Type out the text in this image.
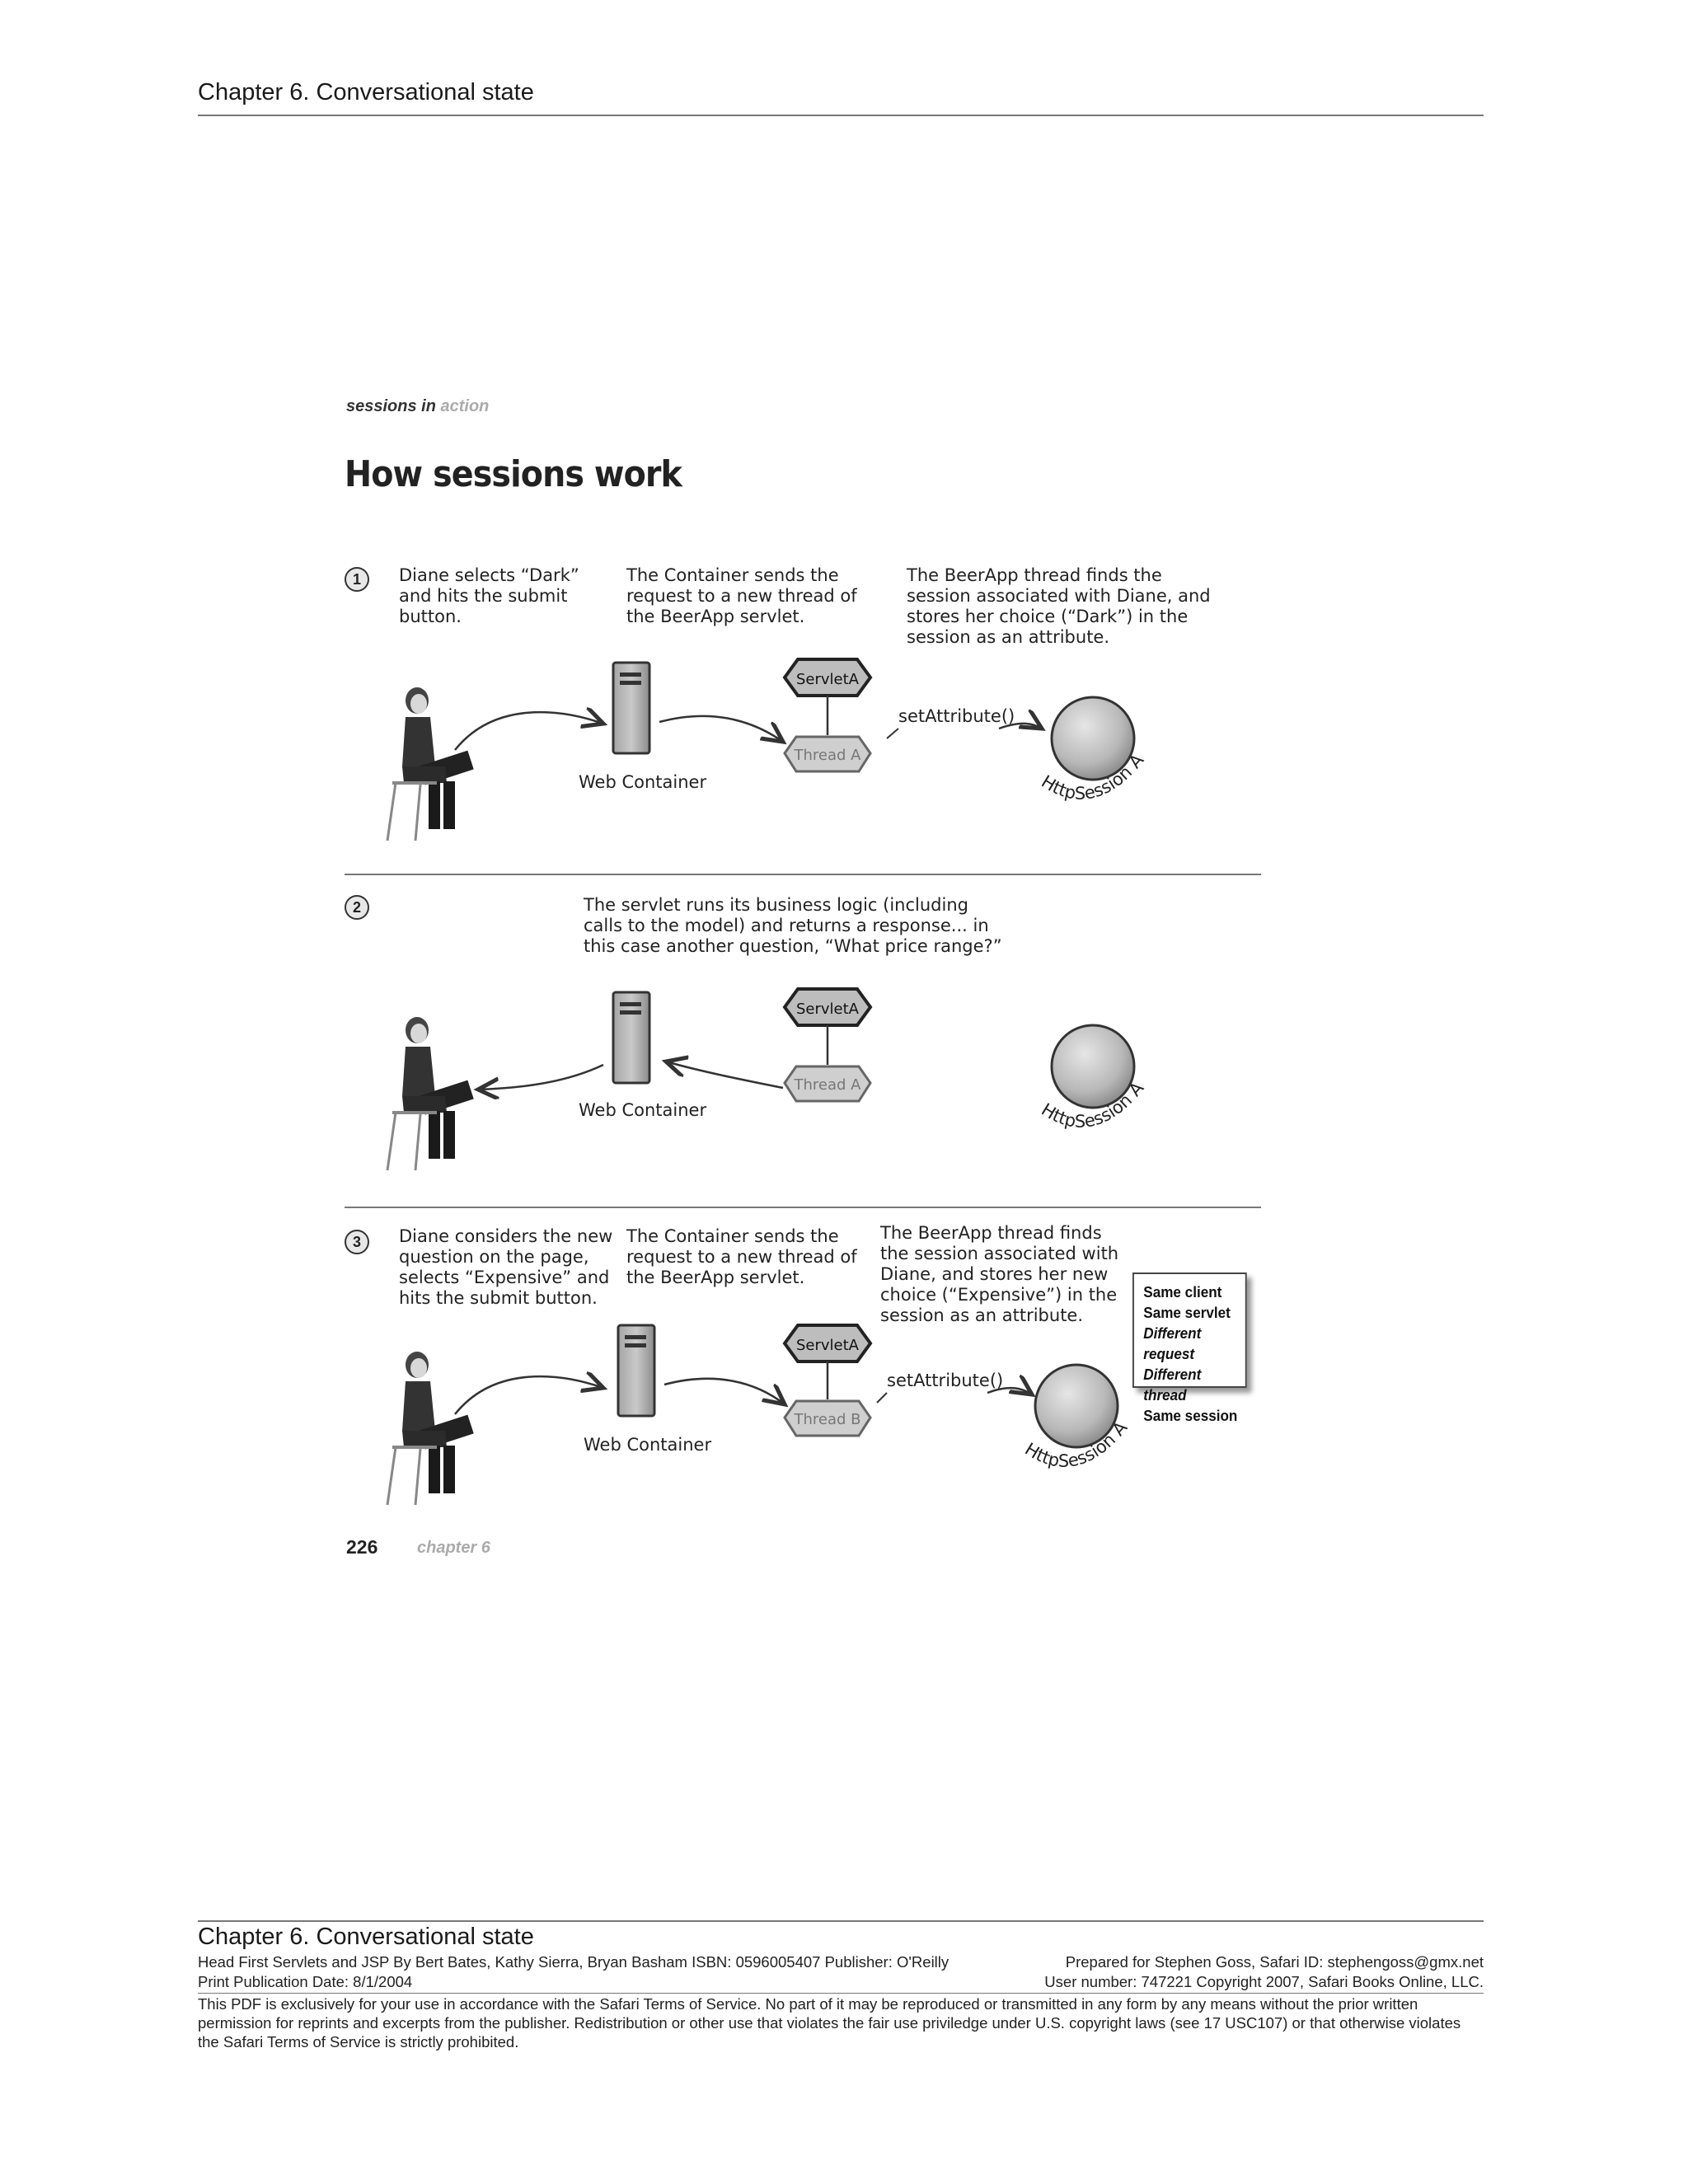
Chapter 6. Conversational state
sessions in action
How sessions work
1	Diane selects “Dark”
and hits the submit
button.
The Container sends the
request to a new thread of
the BeerApp servlet.
The BeerApp thread finds the
session associated with Diane, and
stores her choice (“Dark”) in the
session as an attribute.
2	The servlet runs its business logic (including
calls to the model) and returns a response... in
this case another question, “What price range?”
3	Diane considers the new
question on the page,
selects “Expensive” and
hits the submit button.
The Container sends the
request to a new thread of
the BeerApp servlet.
The BeerApp thread finds
the session associated with
Diane, and stores her new
choice (“Expensive”) in the
session as an attribute.
Web Container
ServletA
Thread A
setAttribute()
HttpSession A
Web Container
ServletA
Thread A
HttpSession A
Web Container
ServletA
Thread B
setAttribute()
HttpSession A
Same client
Same servlet
Different request
Different thread
Same session
226 chapter 6
Chapter 6. Conversational state
Head First Servlets and JSP By Bert Bates, Kathy Sierra, Bryan Basham ISBN: 0596005407 Publisher: O'Reilly	Prepared for Stephen Goss, Safari ID: stephengoss@gmx.net
Print Publication Date: 8/1/2004	User number: 747221 Copyright 2007, Safari Books Online, LLC.
This PDF is exclusively for your use in accordance with the Safari Terms of Service. No part of it may be reproduced or transmitted in any form by any means without the prior written permission for reprints and excerpts from the publisher. Redistribution or other use that violates the fair use priviledge under U.S. copyright laws (see 17 USC107) or that otherwise violates the Safari Terms of Service is strictly prohibited.
